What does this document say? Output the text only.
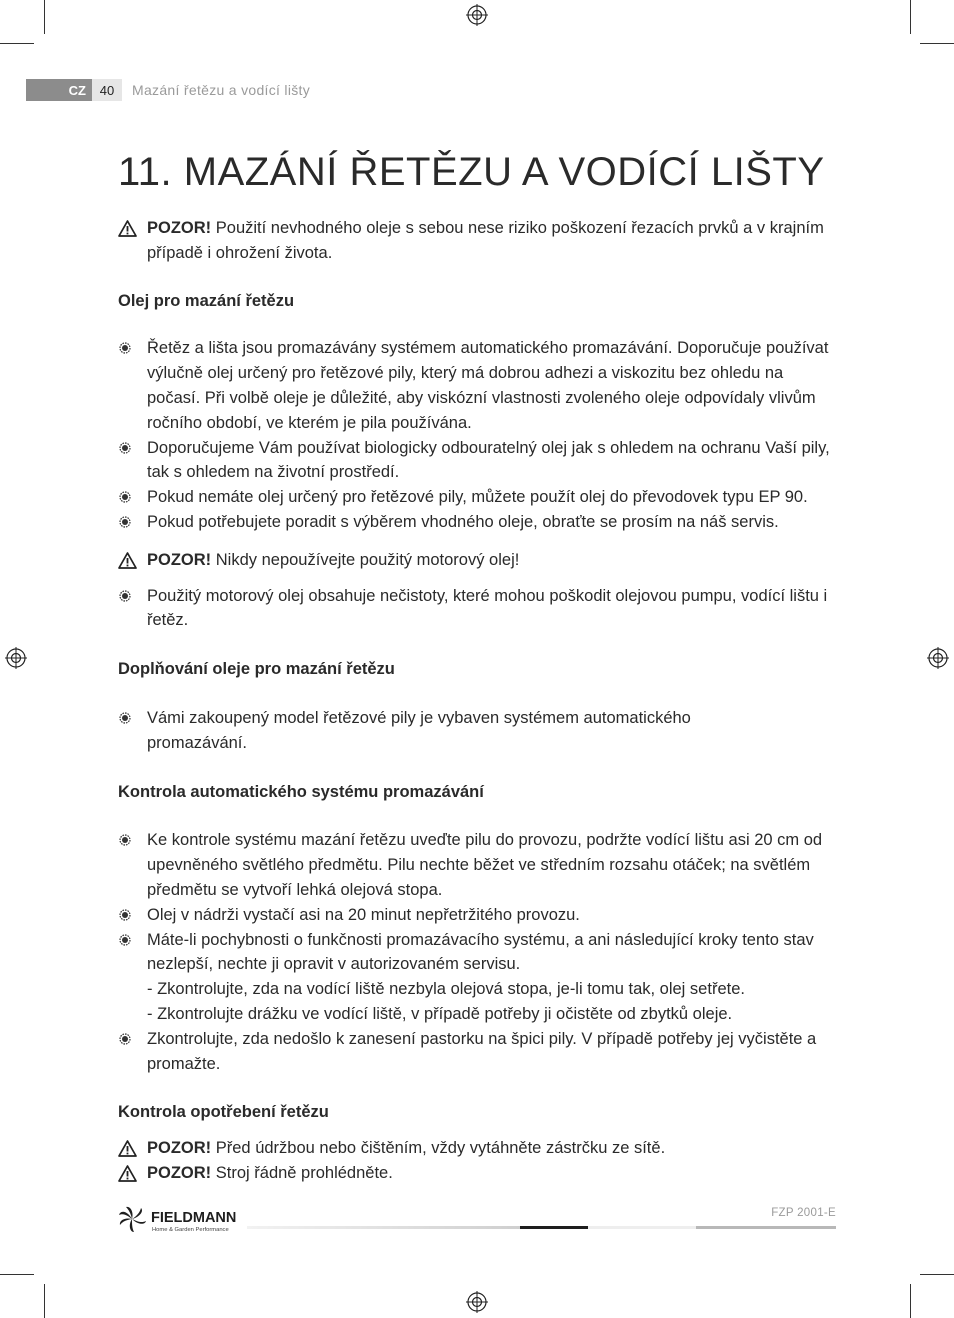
CZ	40	Mazání řetězu a vodící lišty
11. MAZÁNÍ ŘETĚZU A VODÍCÍ LIŠTY

POZOR! Použití nevhodného oleje s sebou nese riziko poškození řezacích prvků a v krajním případě i ohrožení života.

Olej pro mazání řetězu
Řetěz a lišta jsou promazávány systémem automatického promazávání. Doporučuje používat výlučně olej určený pro řetězové pily, který má dobrou adhezi a viskozitu bez ohledu na počasí. Při volbě oleje je důležité, aby viskózní vlastnosti zvoleného oleje odpovídaly vlivům ročního období, ve kterém je pila používána.
Doporučujeme Vám používat biologicky odbouratelný olej jak s ohledem na ochranu Vaší pily, tak s ohledem na životní prostředí.
Pokud nemáte olej určený pro řetězové pily, můžete použít olej do převodovek typu EP 90.
Pokud potřebujete poradit s výběrem vhodného oleje, obraťte se prosím na náš servis.

POZOR! Nikdy nepoužívejte použitý motorový olej!

Použitý motorový olej obsahuje nečistoty, které mohou poškodit olejovou pumpu, vodící lištu i řetěz.
Doplňování oleje pro mazání řetězu
Vámi zakoupený model řetězové pily je vybaven systémem automatického promazávání.
Kontrola automatického systému promazávání
Ke kontrole systému mazání řetězu uveďte pilu do provozu, podržte vodící lištu asi 20 cm od upevněného světlého předmětu. Pilu nechte běžet ve středním rozsahu otáček; na světlém předmětu se vytvoří lehká olejová stopa.
Olej v nádrži vystačí asi na 20 minut nepřetržitého provozu.
Máte-li pochybnosti o funkčnosti promazávacího systému, a ani následující kroky tento stav nezlepší, nechte ji opravit v autorizovaném servisu.
- Zkontrolujte, zda na vodící liště nezbyla olejová stopa, je-li tomu tak, olej setřete.
- Zkontrolujte drážku ve vodící liště, v případě potřeby ji očistěte od zbytků oleje.
Zkontrolujte, zda nedošlo k zanesení pastorku na špici pily. V případě potřeby jej vyčistěte a promažte.
Kontrola opotřebení řetězu

POZOR! Před údržbou nebo čištěním, vždy vytáhněte zástrčku ze sítě.

POZOR! Stroj řádně prohlédněte.

FIELDMANN
Home & Garden Performance
FZP 2001-E
